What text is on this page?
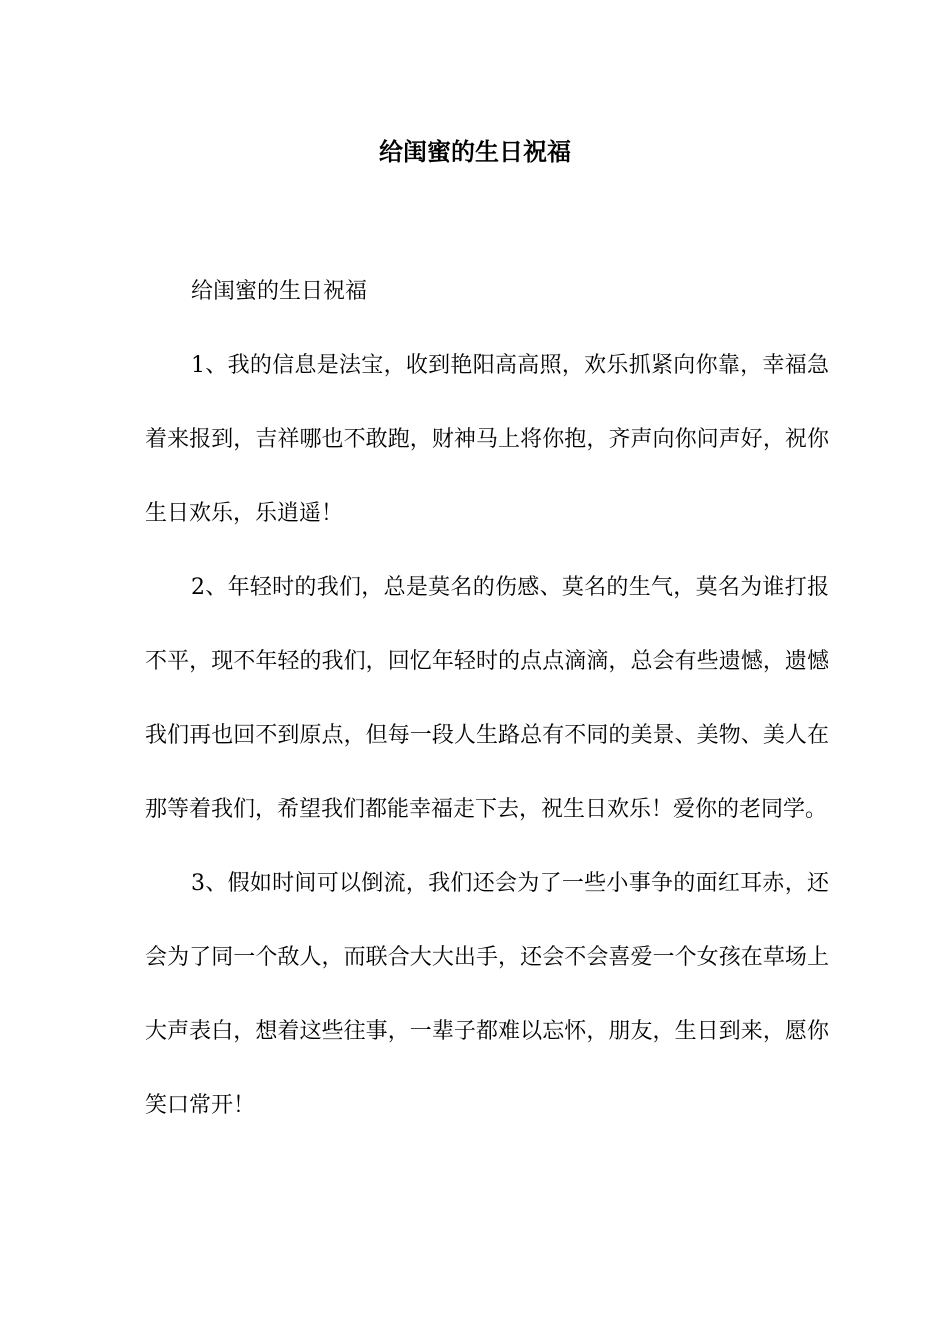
给闺蜜的生日祝福

给闺蜜的生日祝福

1、我的信息是法宝，收到艳阳高高照，欢乐抓紧向你靠，幸福急着来报到，吉祥哪也不敢跑，财神马上将你抱，齐声向你问声好，祝你生日欢乐，乐逍遥！

2、年轻时的我们，总是莫名的伤感、莫名的生气，莫名为谁打报不平，现不年轻的我们，回忆年轻时的点点滴滴，总会有些遗憾，遗憾我们再也回不到原点，但每一段人生路总有不同的美景、美物、美人在那等着我们，希望我们都能幸福走下去，祝生日欢乐！爱你的老同学。

3、假如时间可以倒流，我们还会为了一些小事争的面红耳赤，还会为了同一个敌人，而联合大大出手，还会不会喜爱一个女孩在草场上大声表白，想着这些往事，一辈子都难以忘怀，朋友，生日到来，愿你笑口常开！
